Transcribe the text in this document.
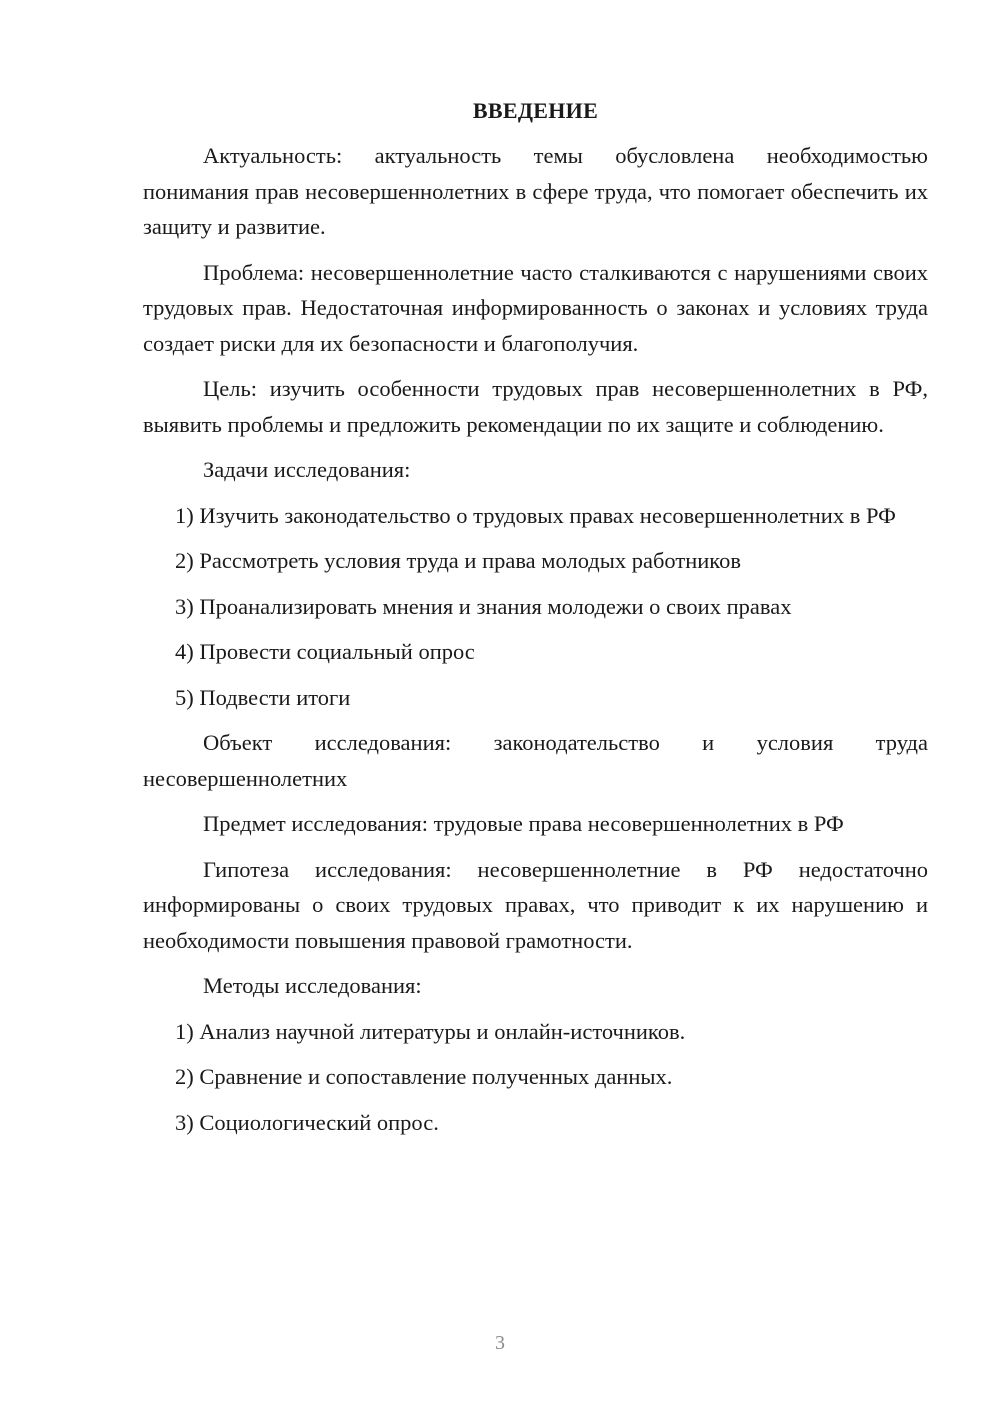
ВВЕДЕНИЕ

Актуальность: актуальность темы обусловлена необходимостью понимания прав несовершеннолетних в сфере труда, что помогает обеспечить их защиту и развитие.

Проблема: несовершеннолетние часто сталкиваются с нарушениями своих трудовых прав. Недостаточная информированность о законах и условиях труда создает риски для их безопасности и благополучия.

Цель: изучить особенности трудовых прав несовершеннолетних в РФ, выявить проблемы и предложить рекомендации по их защите и соблюдению.

Задачи исследования:

1) Изучить законодательство о трудовых правах несовершеннолетних в РФ

2) Рассмотреть условия труда и права молодых работников

3) Проанализировать мнения и знания молодежи о своих правах

4) Провести социальный опрос

5) Подвести итоги

Объект исследования: законодательство и условия труда несовершеннолетних

Предмет исследования: трудовые права несовершеннолетних в РФ

Гипотеза исследования: несовершеннолетние в РФ недостаточно информированы о своих трудовых правах, что приводит к их нарушению и необходимости повышения правовой грамотности.

Методы исследования:

1) Анализ научной литературы и онлайн-источников.

2) Сравнение и сопоставление полученных данных.

3) Социологический опрос.

3
